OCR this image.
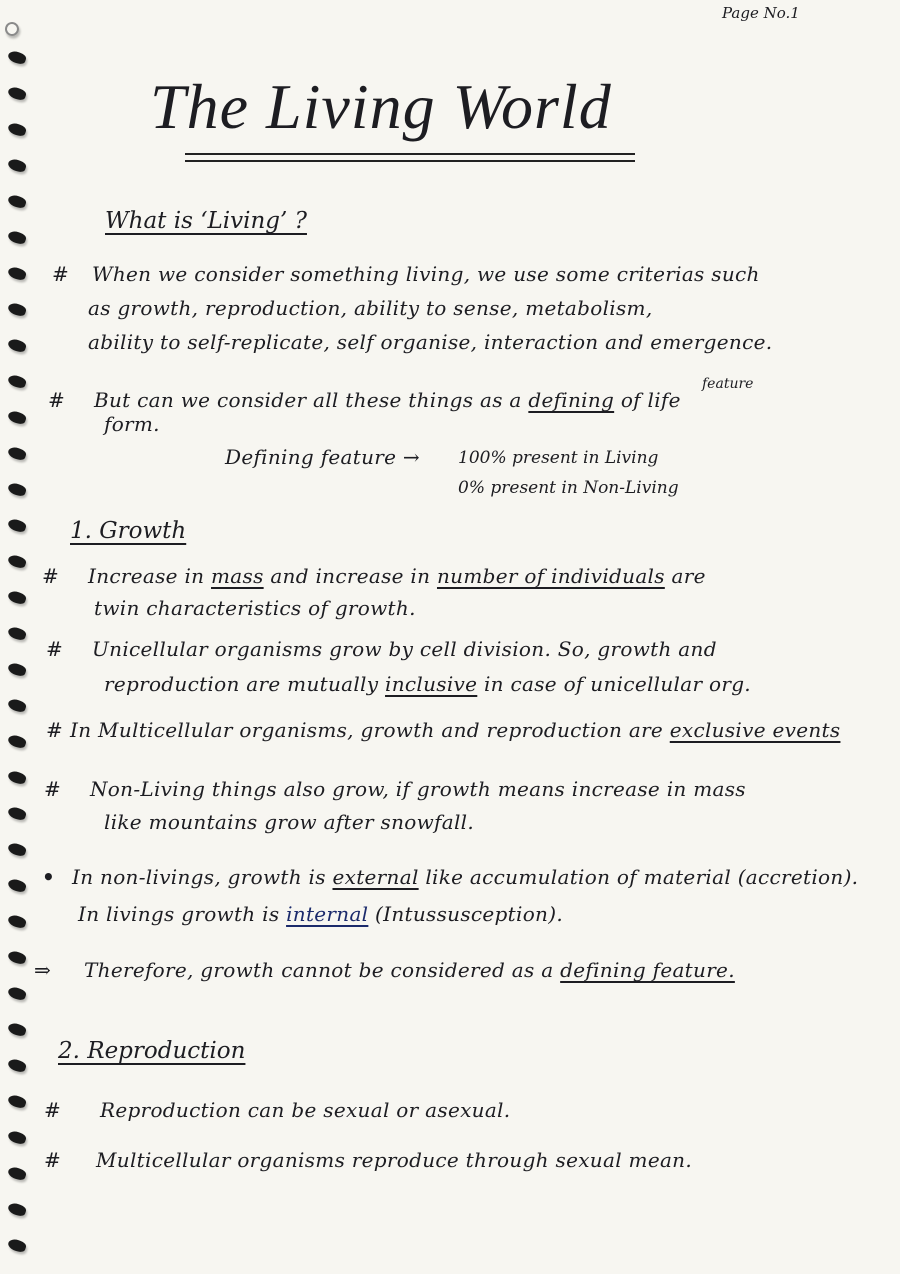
Page No.1
The Living World
What is ‘Living’ ?
# When we consider something living, we use some criterias such
as growth, reproduction, ability to sense, metabolism,
ability to self-replicate, self organise, interaction and emergence.
# But can we consider all these things as a defining of life
feature
form.
Defining feature → 100% present in Living
0% present in Non-Living
1. Growth
# Increase in mass and increase in number of individuals are
twin characteristics of growth.
# Unicellular organisms grow by cell division. So, growth and
reproduction are mutually inclusive in case of unicellular org.
# In Multicellular organisms, growth and reproduction are exclusive events
# Non-Living things also grow, if growth means increase in mass
like mountains grow after snowfall.
• In non-livings, growth is external like accumulation of material (accretion).
In livings growth is internal (Intussusception).
⇒ Therefore, growth cannot be considered as a defining feature.
2. Reproduction
# Reproduction can be sexual or asexual.
# Multicellular organisms reproduce through sexual mean.
